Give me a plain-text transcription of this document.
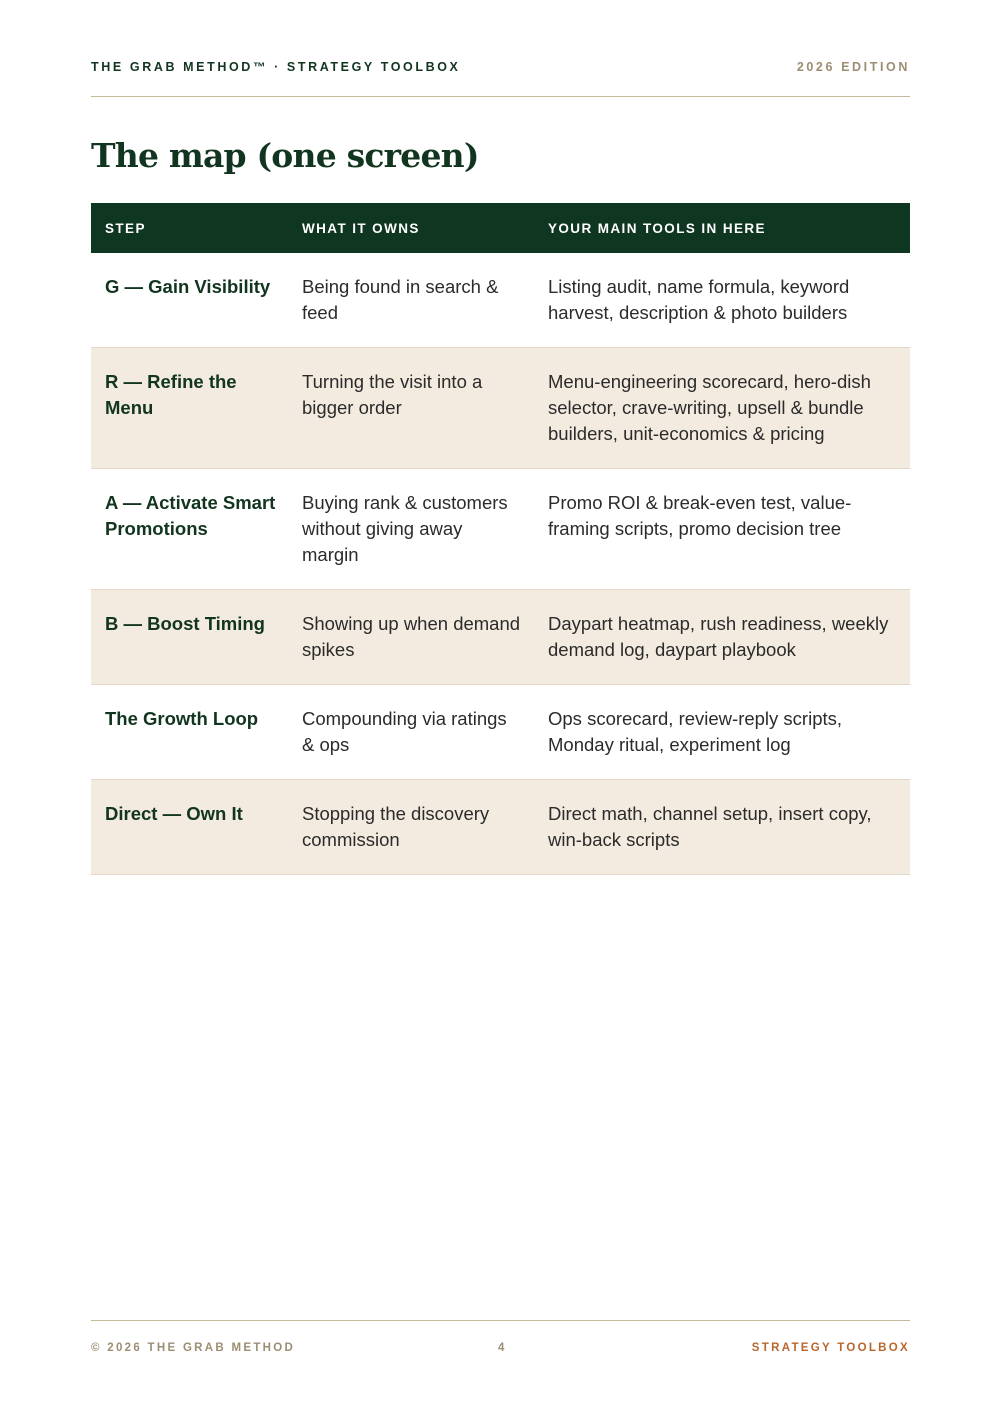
THE GRAB METHOD™ · STRATEGY TOOLBOX	2026 EDITION
The map (one screen)
STEP	WHAT IT OWNS	YOUR MAIN TOOLS IN HERE
G — Gain Visibility	Being found in search & feed	Listing audit, name formula, keyword harvest, description & photo builders
R — Refine the Menu	Turning the visit into a bigger order	Menu-engineering scorecard, hero-dish selector, crave-writing, upsell & bundle builders, unit-economics & pricing
A — Activate Smart Promotions	Buying rank & customers without giving away margin	Promo ROI & break-even test, value-framing scripts, promo decision tree
B — Boost Timing	Showing up when demand spikes	Daypart heatmap, rush readiness, weekly demand log, daypart playbook
The Growth Loop	Compounding via ratings & ops	Ops scorecard, review-reply scripts, Monday ritual, experiment log
Direct — Own It	Stopping the discovery commission	Direct math, channel setup, insert copy, win-back scripts
© 2026 THE GRAB METHOD	4	STRATEGY TOOLBOX
